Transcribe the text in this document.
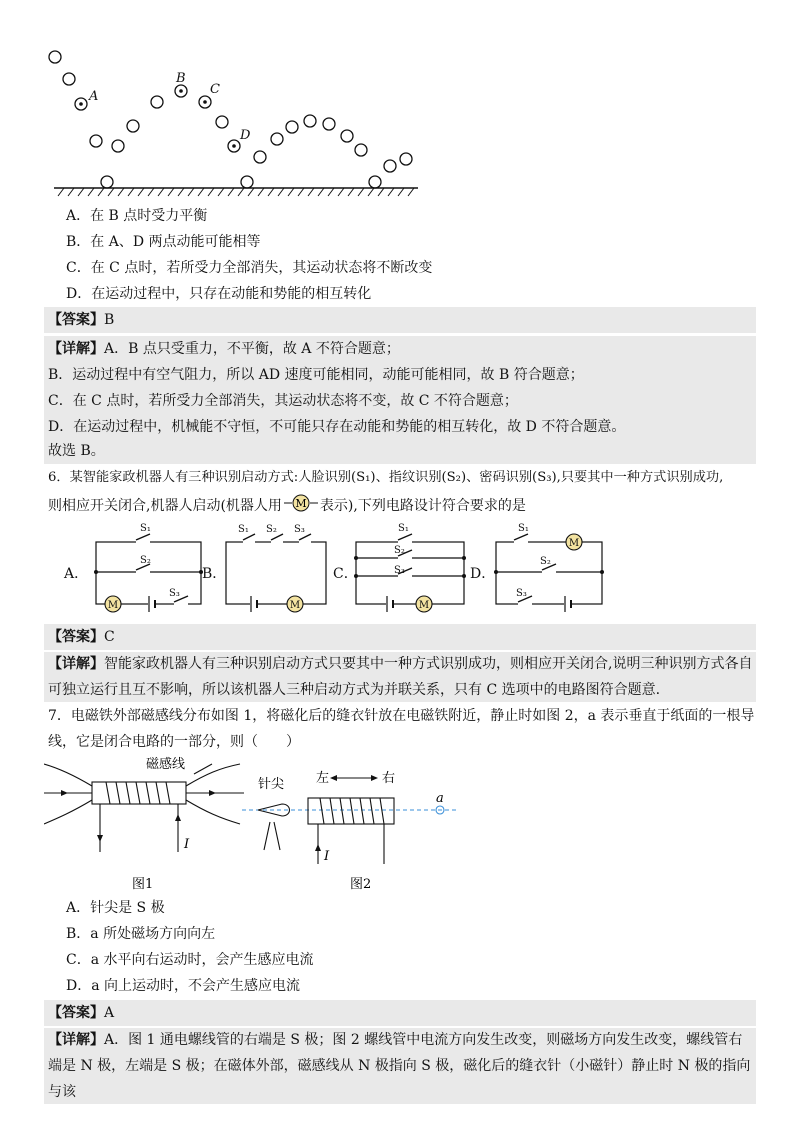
A
B
C
D
A．在 B 点时受力平衡
B．在 A、D 两点动能可能相等
C．在 C 点时，若所受力全部消失，其运动状态将不断改变
D．在运动过程中，只存在动能和势能的相互转化
【答案】B
【详解】A．B 点只受重力，不平衡，故 A 不符合题意；
B．运动过程中有空气阻力，所以 AD 速度可能相同，动能可能相同，故 B 符合题意；
C．在 C 点时，若所受力全部消失，其运动状态将不变，故 C 不符合题意；
D．在运动过程中，机械能不守恒，不可能只存在动能和势能的相互转化，故 D 不符合题意。
故选 B。
6．某智能家政机器人有三种识别启动方式:人脸识别(S₁)、指纹识别(S₂)、密码识别(S₃),只要其中一种方式识别成功,
则相应开关闭合,机器人启动(机器人用 M 表示),下列电路设计符合要求的是
M	M	M
M
S₁
S₂
S₃
S₁ S₂ S₃	S₁
S₂
S₃
S₁
S₂
S₃
A．	B．	C．	D．
【答案】C
【详解】智能家政机器人有三种识别启动方式只要其中一种方式识别成功，则相应开关闭合,说明三种识别方式各自可独立运行且互不影响，所以该机器人三种启动方式为并联关系，只有 C 选项中的电路图符合题意.
7．电磁铁外部磁感线分布如图 1，将磁化后的缝衣针放在电磁铁附近，静止时如图 2，a 表示垂直于纸面的一根导
线，它是闭合电路的一部分，则（　　）
磁感线
I
图1
针尖 左	右
a
I
图2
A．针尖是 S 极
B．a 所处磁场方向向左
C．a 水平向右运动时，会产生感应电流
D．a 向上运动时，不会产生感应电流
【答案】A
【详解】A．图 1 通电螺线管的右端是 S 极；图 2 螺线管中电流方向发生改变，则磁场方向发生改变，螺线管右端是 N 极，左端是 S 极；在磁体外部，磁感线从 N 极指向 S 极，磁化后的缝衣针（小磁针）静止时 N 极的指向与该
